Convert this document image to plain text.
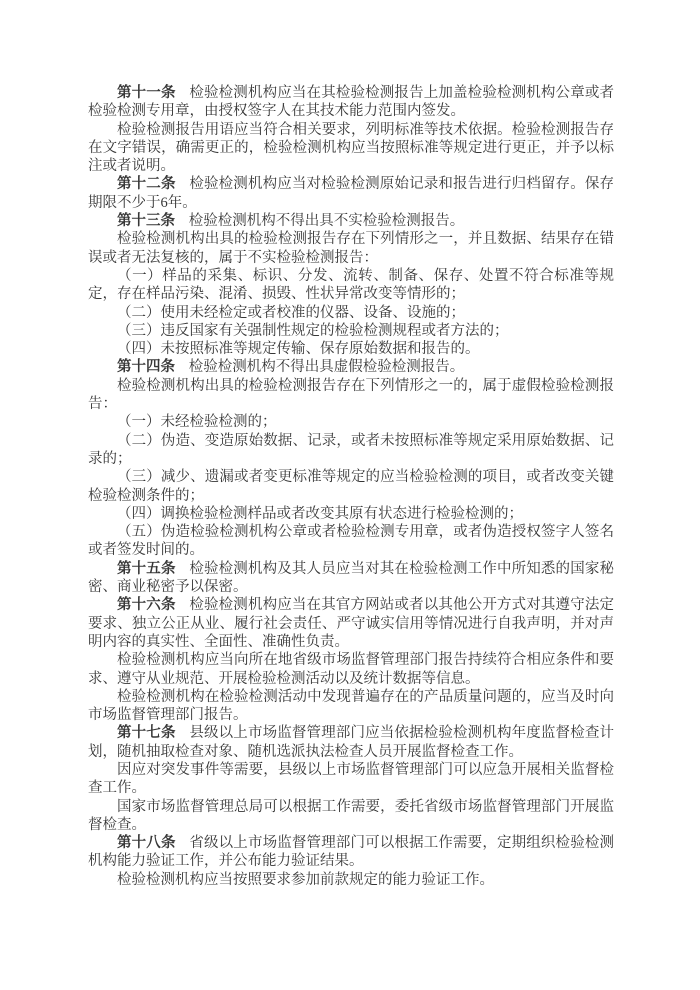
第十一条 检验检测机构应当在其检验检测报告上加盖检验检测机构公章或者检验检测专用章，由授权签字人在其技术能力范围内签发。

检验检测报告用语应当符合相关要求，列明标准等技术依据。检验检测报告存在文字错误，确需更正的，检验检测机构应当按照标准等规定进行更正，并予以标注或者说明。

第十二条 检验检测机构应当对检验检测原始记录和报告进行归档留存。保存期限不少于6年。

第十三条 检验检测机构不得出具不实检验检测报告。

检验检测机构出具的检验检测报告存在下列情形之一，并且数据、结果存在错误或者无法复核的，属于不实检验检测报告：

（一）样品的采集、标识、分发、流转、制备、保存、处置不符合标准等规定，存在样品污染、混淆、损毁、性状异常改变等情形的；

（二）使用未经检定或者校准的仪器、设备、设施的；

（三）违反国家有关强制性规定的检验检测规程或者方法的；

（四）未按照标准等规定传输、保存原始数据和报告的。

第十四条 检验检测机构不得出具虚假检验检测报告。

检验检测机构出具的检验检测报告存在下列情形之一的，属于虚假检验检测报告：

（一）未经检验检测的；

（二）伪造、变造原始数据、记录，或者未按照标准等规定采用原始数据、记录的；

（三）减少、遗漏或者变更标准等规定的应当检验检测的项目，或者改变关键检验检测条件的；

（四）调换检验检测样品或者改变其原有状态进行检验检测的；

（五）伪造检验检测机构公章或者检验检测专用章，或者伪造授权签字人签名或者签发时间的。

第十五条 检验检测机构及其人员应当对其在检验检测工作中所知悉的国家秘密、商业秘密予以保密。

第十六条 检验检测机构应当在其官方网站或者以其他公开方式对其遵守法定要求、独立公正从业、履行社会责任、严守诚实信用等情况进行自我声明，并对声明内容的真实性、全面性、准确性负责。

检验检测机构应当向所在地省级市场监督管理部门报告持续符合相应条件和要求、遵守从业规范、开展检验检测活动以及统计数据等信息。

检验检测机构在检验检测活动中发现普遍存在的产品质量问题的，应当及时向市场监督管理部门报告。

第十七条 县级以上市场监督管理部门应当依据检验检测机构年度监督检查计划，随机抽取检查对象、随机选派执法检查人员开展监督检查工作。

因应对突发事件等需要，县级以上市场监督管理部门可以应急开展相关监督检查工作。

国家市场监督管理总局可以根据工作需要，委托省级市场监督管理部门开展监督检查。

第十八条 省级以上市场监督管理部门可以根据工作需要，定期组织检验检测机构能力验证工作，并公布能力验证结果。

检验检测机构应当按照要求参加前款规定的能力验证工作。
